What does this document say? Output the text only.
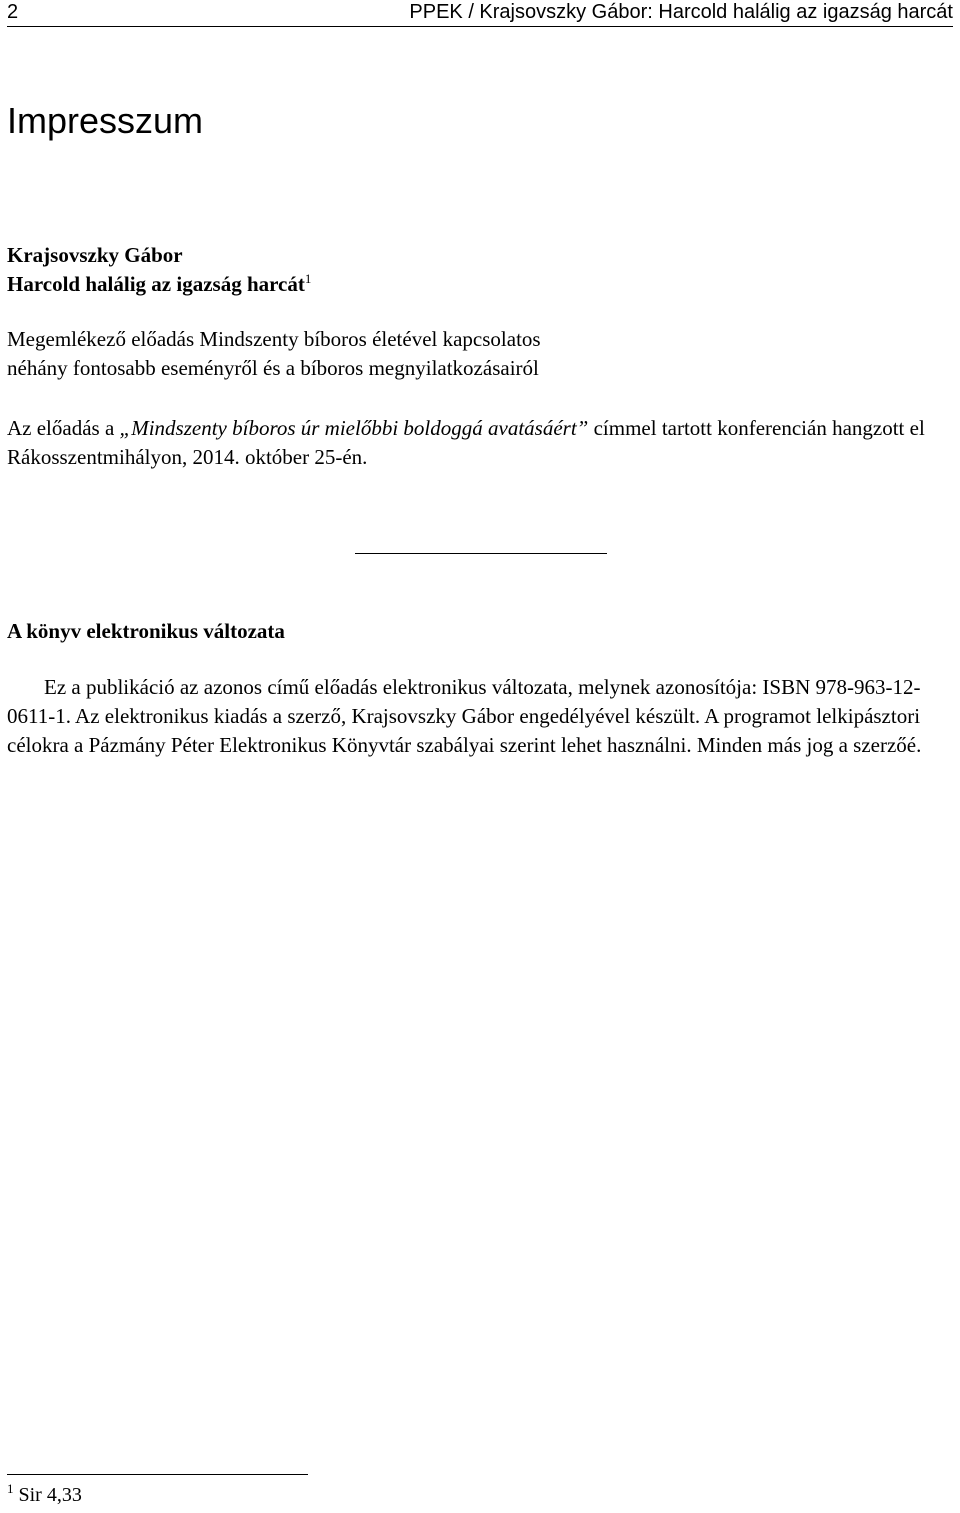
2	PPEK / Krajsovszky Gábor: Harcold halálig az igazság harcát
Impresszum
Krajsovszky Gábor
Harcold halálig az igazság harcát$^1$
Megemlékező előadás Mindszenty bíboros életével kapcsolatos
néhány fontosabb eseményről és a bíboros megnyilatkozásairól

Az előadás a „Mindszenty bíboros úr mielőbbi boldoggá avatásáért” címmel tartott konferencián hangzott el Rákosszentmihályon, 2014. október 25-én.

A könyv elektronikus változata

Ez a publikáció az azonos című előadás elektronikus változata, melynek azonosítója: ISBN 978-963-12-0611-1. Az elektronikus kiadás a szerző, Krajsovszky Gábor engedélyével készült. A programot lelkipásztori célokra a Pázmány Péter Elektronikus Könyvtár szabályai szerint lehet használni. Minden más jog a szerzőé.

$^1$ Sir 4,33
